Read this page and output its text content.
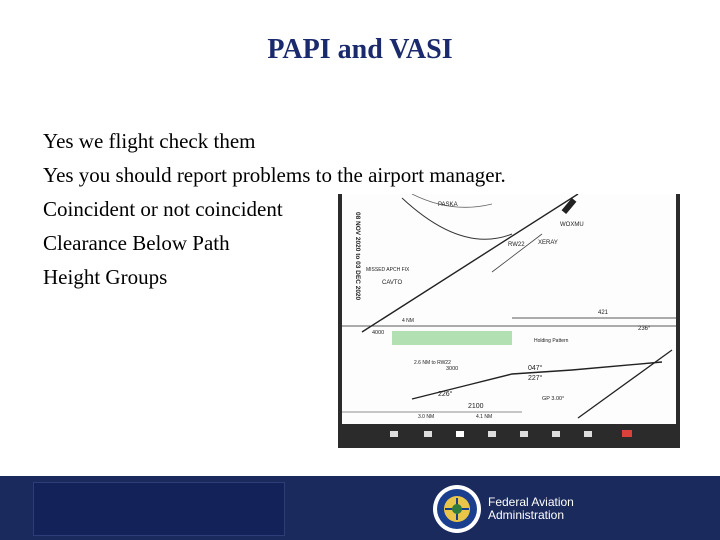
PAPI and VASI
Yes we flight check them
Yes you should report problems to the airport manager.
Coincident or not coincident
Clearance Below Path
Height Groups	08 NOV 2020 to 03 DEC 2020
PASKA
WOXMU
XERAY
CAVTO
RW22
MISSED APCH FIX
4 NM
4000
Holding Pattern
421
236°
047°
227°
226°
3000
2100
GP 3.00°
2.6 NM to RW22
3.0 NM	4.1 NM
Federal Aviation
Administration
